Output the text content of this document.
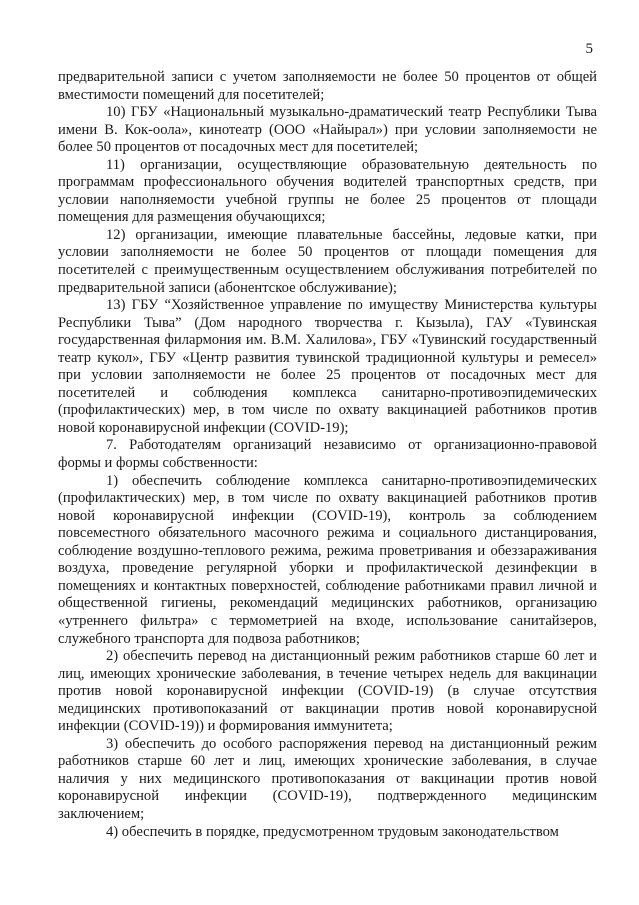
5

предварительной записи с учетом заполняемости не более 50 процентов от общей вместимости помещений для посетителей;

10) ГБУ «Национальный музыкально-драматический театр Республики Тыва имени В. Кок-оола», кинотеатр (ООО «Найырал») при условии заполняемости не более 50 процентов от посадочных мест для посетителей;

11) организации, осуществляющие образовательную деятельность по программам профессионального обучения водителей транспортных средств, при условии наполняемости учебной группы не более 25 процентов от площади помещения для размещения обучающихся;

12) организации, имеющие плавательные бассейны, ледовые катки, при условии заполняемости не более 50 процентов от площади помещения для посетителей с преимущественным осуществлением обслуживания потребителей по предварительной записи (абонентское обслуживание);

13) ГБУ “Хозяйственное управление по имуществу Министерства культуры Республики Тыва” (Дом народного творчества г. Кызыла), ГАУ «Тувинская государственная филармония им. В.М. Халилова», ГБУ «Тувинский государственный театр кукол», ГБУ «Центр развития тувинской традиционной культуры и ремесел» при условии заполняемости не более 25 процентов от посадочных мест для посетителей и соблюдения комплекса санитарно-противоэпидемических (профилактических) мер, в том числе по охвату вакцинацией работников против новой коронавирусной инфекции (COVID-19);

7. Работодателям организаций независимо от организационно-правовой формы и формы собственности:

1) обеспечить соблюдение комплекса санитарно-противоэпидемических (профилактических) мер, в том числе по охвату вакцинацией работников против новой коронавирусной инфекции (COVID-19), контроль за соблюдением повсеместного обязательного масочного режима и социального дистанцирования, соблюдение воздушно-теплового режима, режима проветривания и обеззараживания воздуха, проведение регулярной уборки и профилактической дезинфекции в помещениях и контактных поверхностей, соблюдение работниками правил личной и общественной гигиены, рекомендаций медицинских работников, организацию «утреннего фильтра» с термометрией на входе, использование санитайзеров, служебного транспорта для подвоза работников;

2) обеспечить перевод на дистанционный режим работников старше 60 лет и лиц, имеющих хронические заболевания, в течение четырех недель для вакцинации против новой коронавирусной инфекции (COVID-19) (в случае отсутствия медицинских противопоказаний от вакцинации против новой коронавирусной инфекции (COVID-19)) и формирования иммунитета;

3) обеспечить до особого распоряжения перевод на дистанционный режим работников старше 60 лет и лиц, имеющих хронические заболевания, в случае наличия у них медицинского противопоказания от вакцинации против новой коронавирусной инфекции (COVID-19), подтвержденного медицинским заключением;

4) обеспечить в порядке, предусмотренном трудовым законодательством
